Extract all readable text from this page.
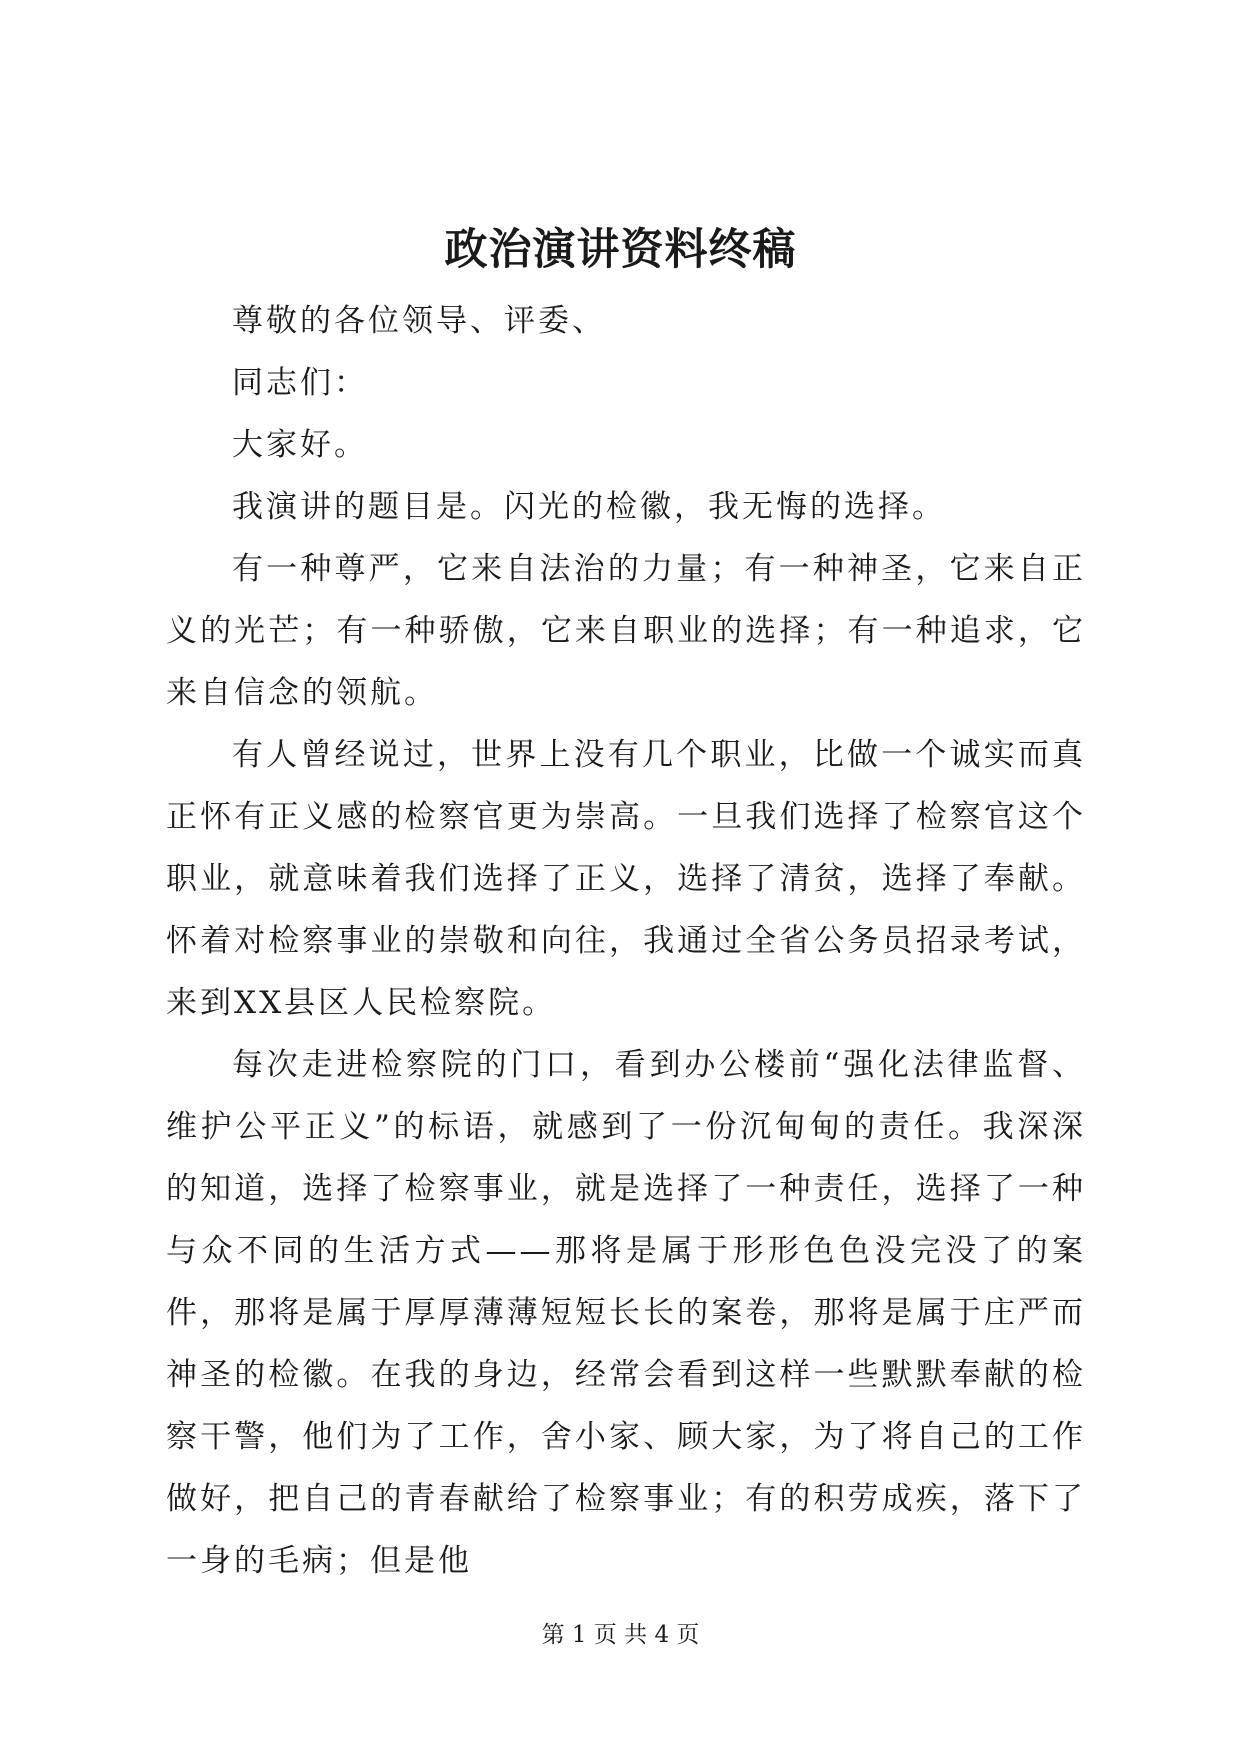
政治演讲资料终稿

尊敬的各位领导、评委、

同志们：

大家好。

我演讲的题目是。闪光的检徽，我无悔的选择。

有一种尊严，它来自法治的力量；有一种神圣，它来自正义的光芒；有一种骄傲，它来自职业的选择；有一种追求，它来自信念的领航。

有人曾经说过，世界上没有几个职业，比做一个诚实而真正怀有正义感的检察官更为崇高。一旦我们选择了检察官这个职业，就意味着我们选择了正义，选择了清贫，选择了奉献。怀着对检察事业的崇敬和向往，我通过全省公务员招录考试，来到XX县区人民检察院。

每次走进检察院的门口，看到办公楼前“强化法律监督、维护公平正义”的标语，就感到了一份沉甸甸的责任。我深深的知道，选择了检察事业，就是选择了一种责任，选择了一种与众不同的生活方式——那将是属于形形色色没完没了的案件，那将是属于厚厚薄薄短短长长的案卷，那将是属于庄严而神圣的检徽。在我的身边，经常会看到这样一些默默奉献的检察干警，他们为了工作，舍小家、顾大家，为了将自己的工作做好，把自己的青春献给了检察事业；有的积劳成疾，落下了一身的毛病；但是他

第 1 页 共 4 页
